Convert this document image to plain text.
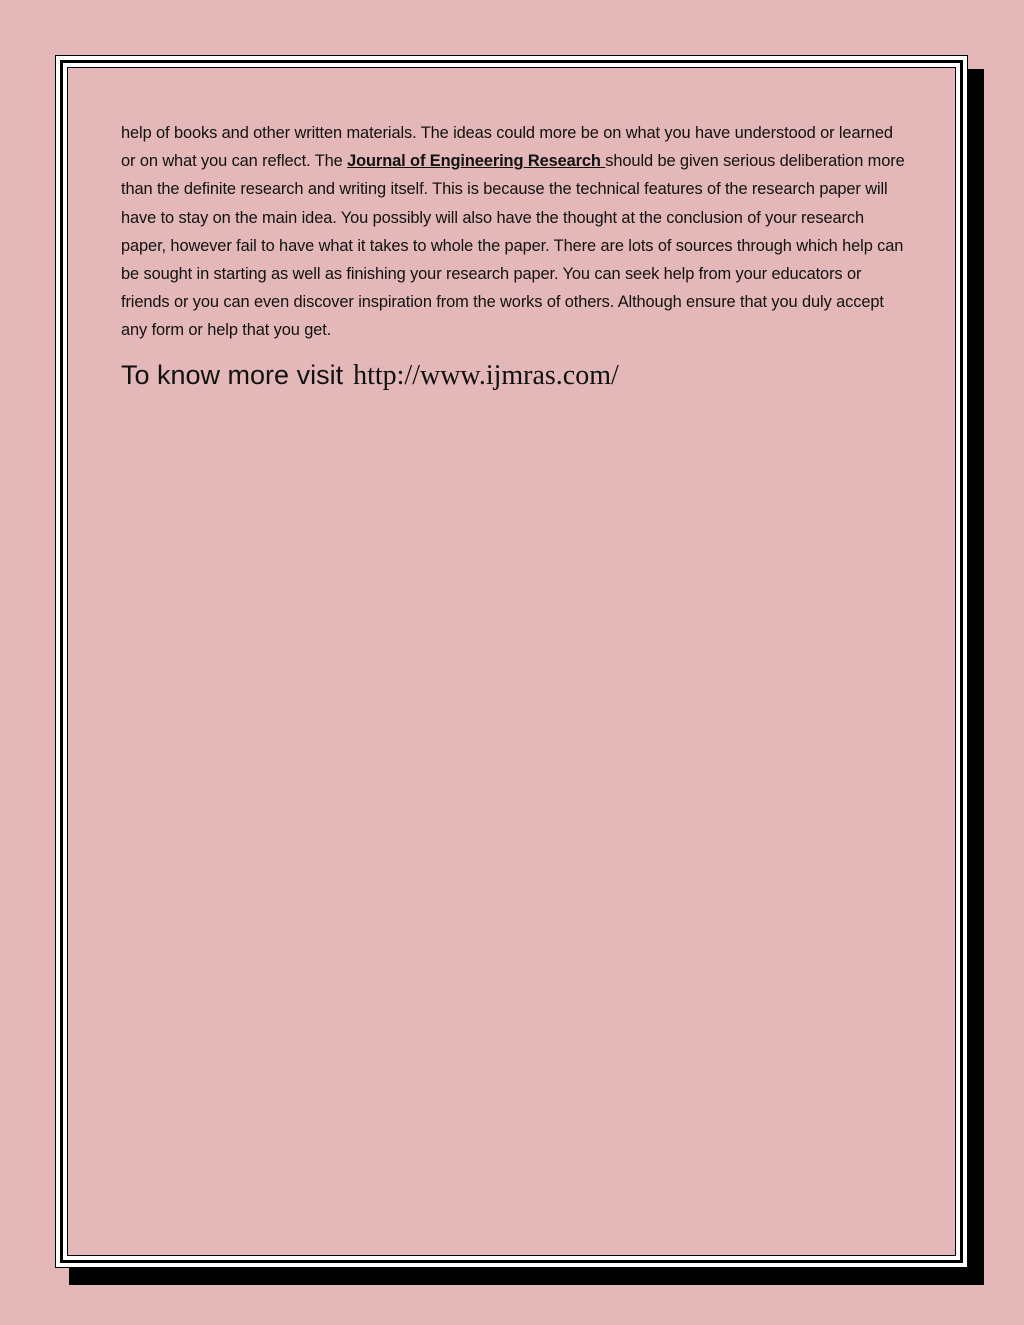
help of books and other written materials. The ideas could more be on what you have understood or learned or on what you can reflect. The Journal of Engineering Research should be given serious deliberation more than the definite research and writing itself. This is because the technical features of the research paper will have to stay on the main idea. You possibly will also have the thought at the conclusion of your research paper, however fail to have what it takes to whole the paper. There are lots of sources through which help can be sought in starting as well as finishing your research paper. You can seek help from your educators or friends or you can even discover inspiration from the works of others. Although ensure that you duly accept any form or help that you get.

To know more visit http://www.ijmras.com/
